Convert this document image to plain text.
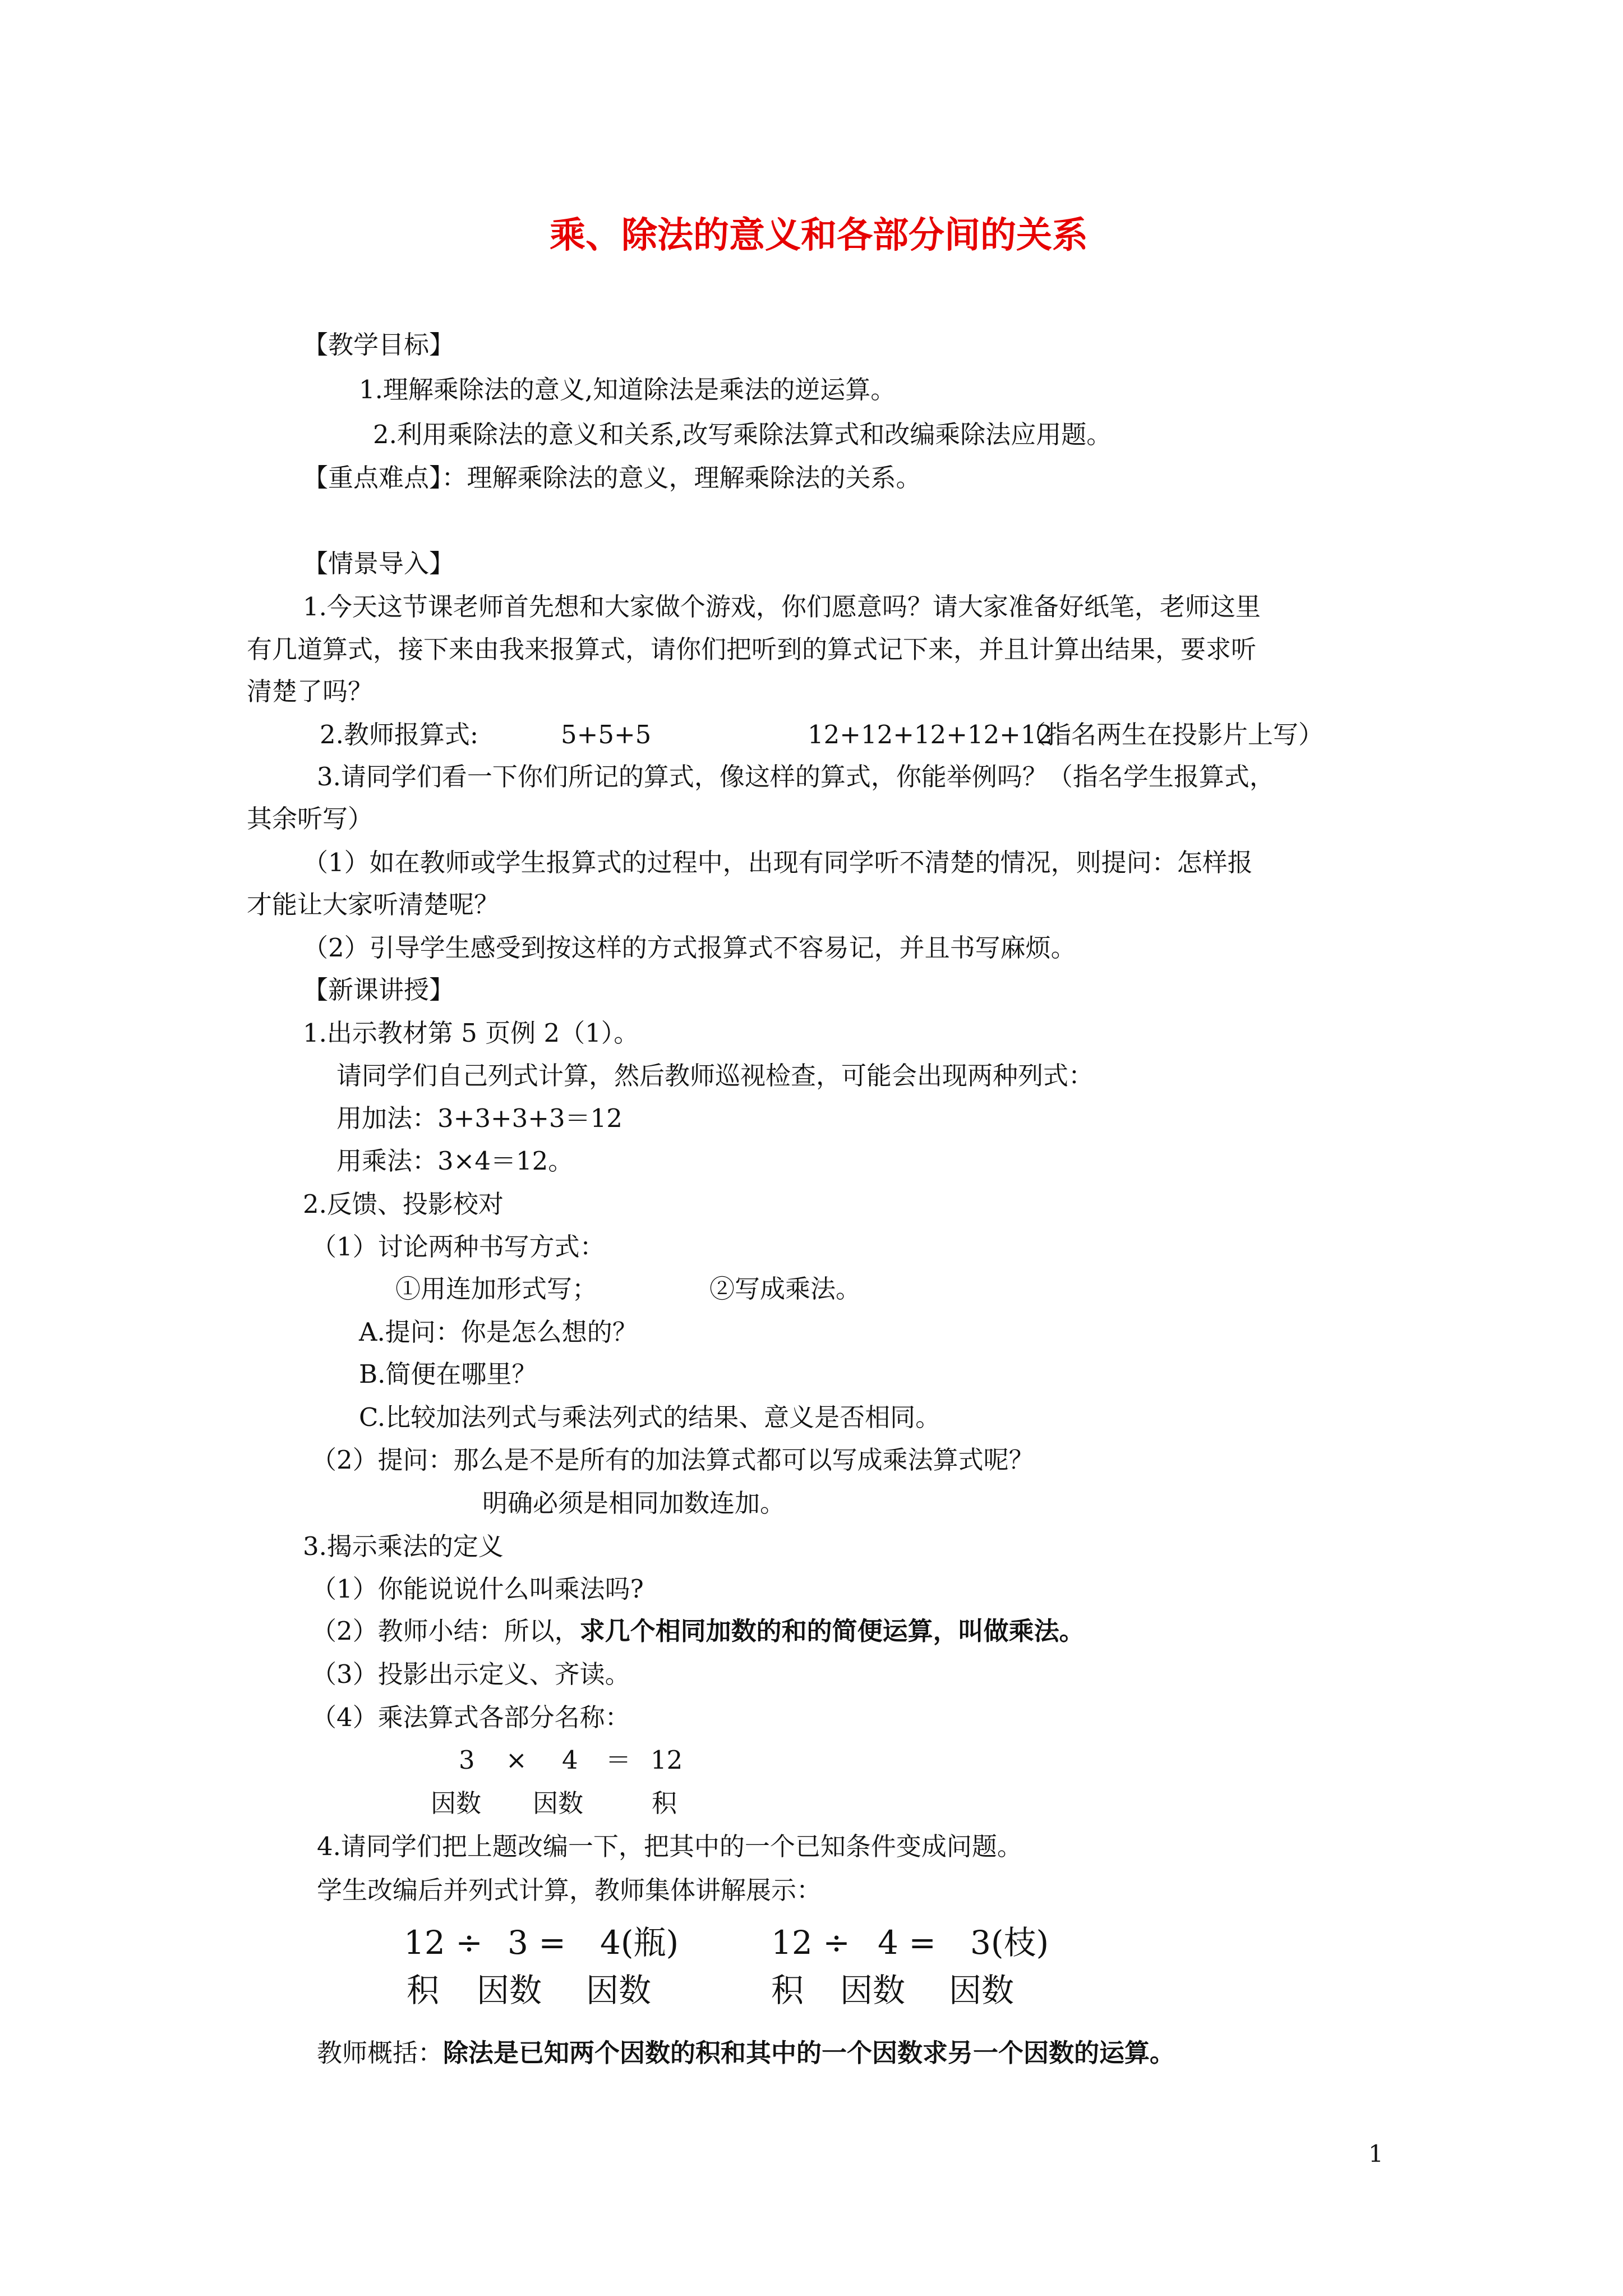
乘、除法的意义和各部分间的关系
【教学目标】
1.理解乘除法的意义,知道除法是乘法的逆运算。
2.利用乘除法的意义和关系,改写乘除法算式和改编乘除法应用题。
【重点难点】：理解乘除法的意义，理解乘除法的关系。
【情景导入】
1.今天这节课老师首先想和大家做个游戏，你们愿意吗？请大家准备好纸笔，老师这里
有几道算式，接下来由我来报算式，请你们把听到的算式记下来，并且计算出结果，要求听
清楚了吗？
2.教师报算式:	5+5+5	12+12+12+12+12
（指名两生在投影片上写）
3.请同学们看一下你们所记的算式，像这样的算式，你能举例吗？（指名学生报算式，
其余听写）
（1）如在教师或学生报算式的过程中，出现有同学听不清楚的情况，则提问：怎样报
才能让大家听清楚呢？
（2）引导学生感受到按这样的方式报算式不容易记，并且书写麻烦。
【新课讲授】
1.出示教材第 5 页例 2（1）。
请同学们自己列式计算，然后教师巡视检查，可能会出现两种列式：
用加法：3+3+3+3＝12
用乘法：3×4＝12。
2.反馈、投影校对
（1）讨论两种书写方式：
①用连加形式写；	②写成乘法。
A.提问：你是怎么想的？
B.简便在哪里？
C.比较加法列式与乘法列式的结果、意义是否相同。
（2）提问：那么是不是所有的加法算式都可以写成乘法算式呢？
明确必须是相同加数连加。
3.揭示乘法的定义
（1）你能说说什么叫乘法吗?
（2）教师小结：所以，求几个相同加数的和的简便运算，叫做乘法。
（3）投影出示定义、齐读。
（4）乘法算式各部分名称：
3 × 4 ＝ 12
因数 因数	积
4.请同学们把上题改编一下，把其中的一个已知条件变成问题。
学生改编后并列式计算，教师集体讲解展示：
12 ÷ 3 = 4(瓶)	12 ÷ 4 = 3(枝)
积 因数 因数	积 因数 因数
教师概括：除法是已知两个因数的积和其中的一个因数求另一个因数的运算。
1
